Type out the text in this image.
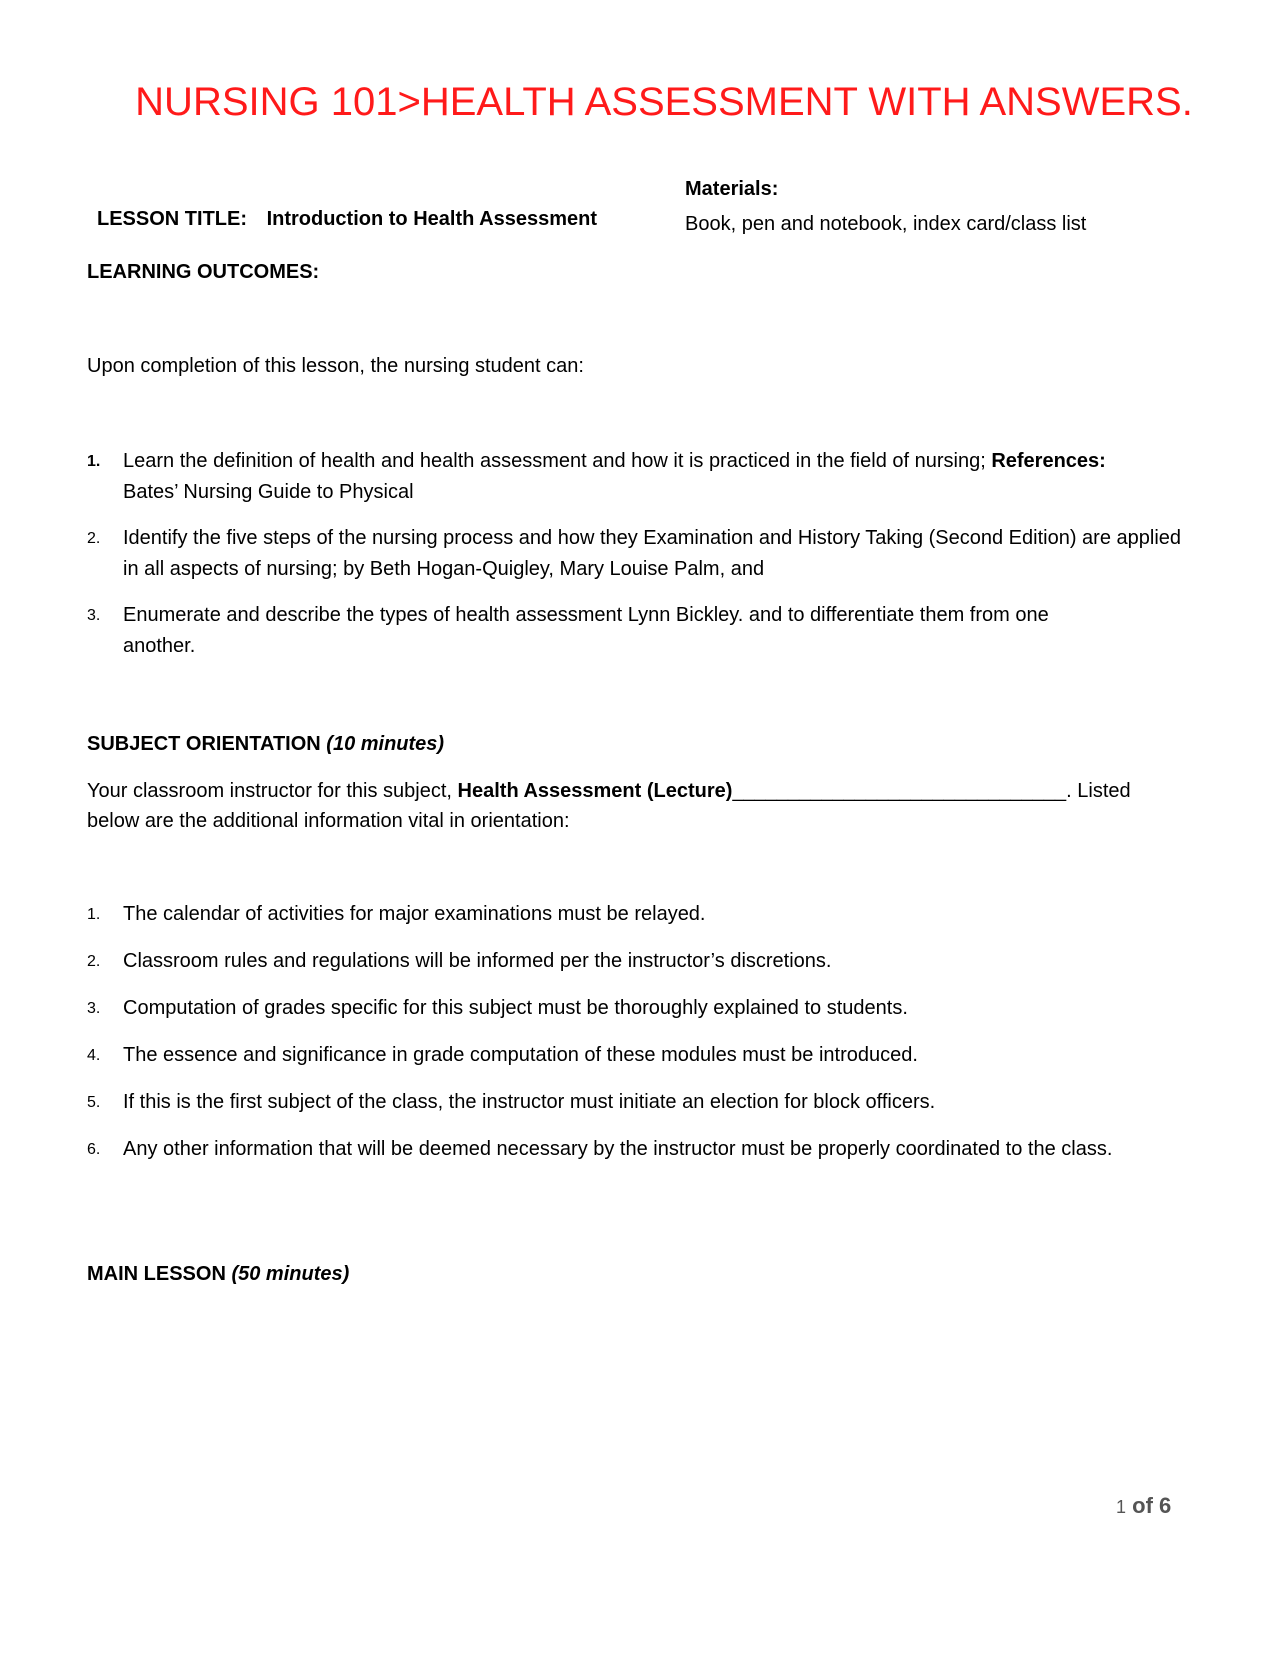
NURSING 101>HEALTH ASSESSMENT WITH ANSWERS.
Materials:
Book, pen and notebook, index card/class list
LESSON TITLE: Introduction to Health Assessment
LEARNING OUTCOMES:
Upon completion of this lesson, the nursing student can:
1. Learn the definition of health and health assessment and how it is practiced in the field of nursing; References:
Bates’ Nursing Guide to Physical
2. Identify the five steps of the nursing process and how they Examination and History Taking (Second Edition) are applied in all aspects of nursing; by Beth Hogan-Quigley, Mary Louise Palm, and
3. Enumerate and describe the types of health assessment Lynn Bickley. and to differentiate them from one another.
SUBJECT ORIENTATION (10 minutes)
Your classroom instructor for this subject, Health Assessment (Lecture)______________________________. Listed below are the additional information vital in orientation:
1. The calendar of activities for major examinations must be relayed.
2. Classroom rules and regulations will be informed per the instructor’s discretions.
3. Computation of grades specific for this subject must be thoroughly explained to students.
4. The essence and significance in grade computation of these modules must be introduced.
5. If this is the first subject of the class, the instructor must initiate an election for block officers.
6. Any other information that will be deemed necessary by the instructor must be properly coordinated to the class.
MAIN LESSON (50 minutes)
1 of 6
